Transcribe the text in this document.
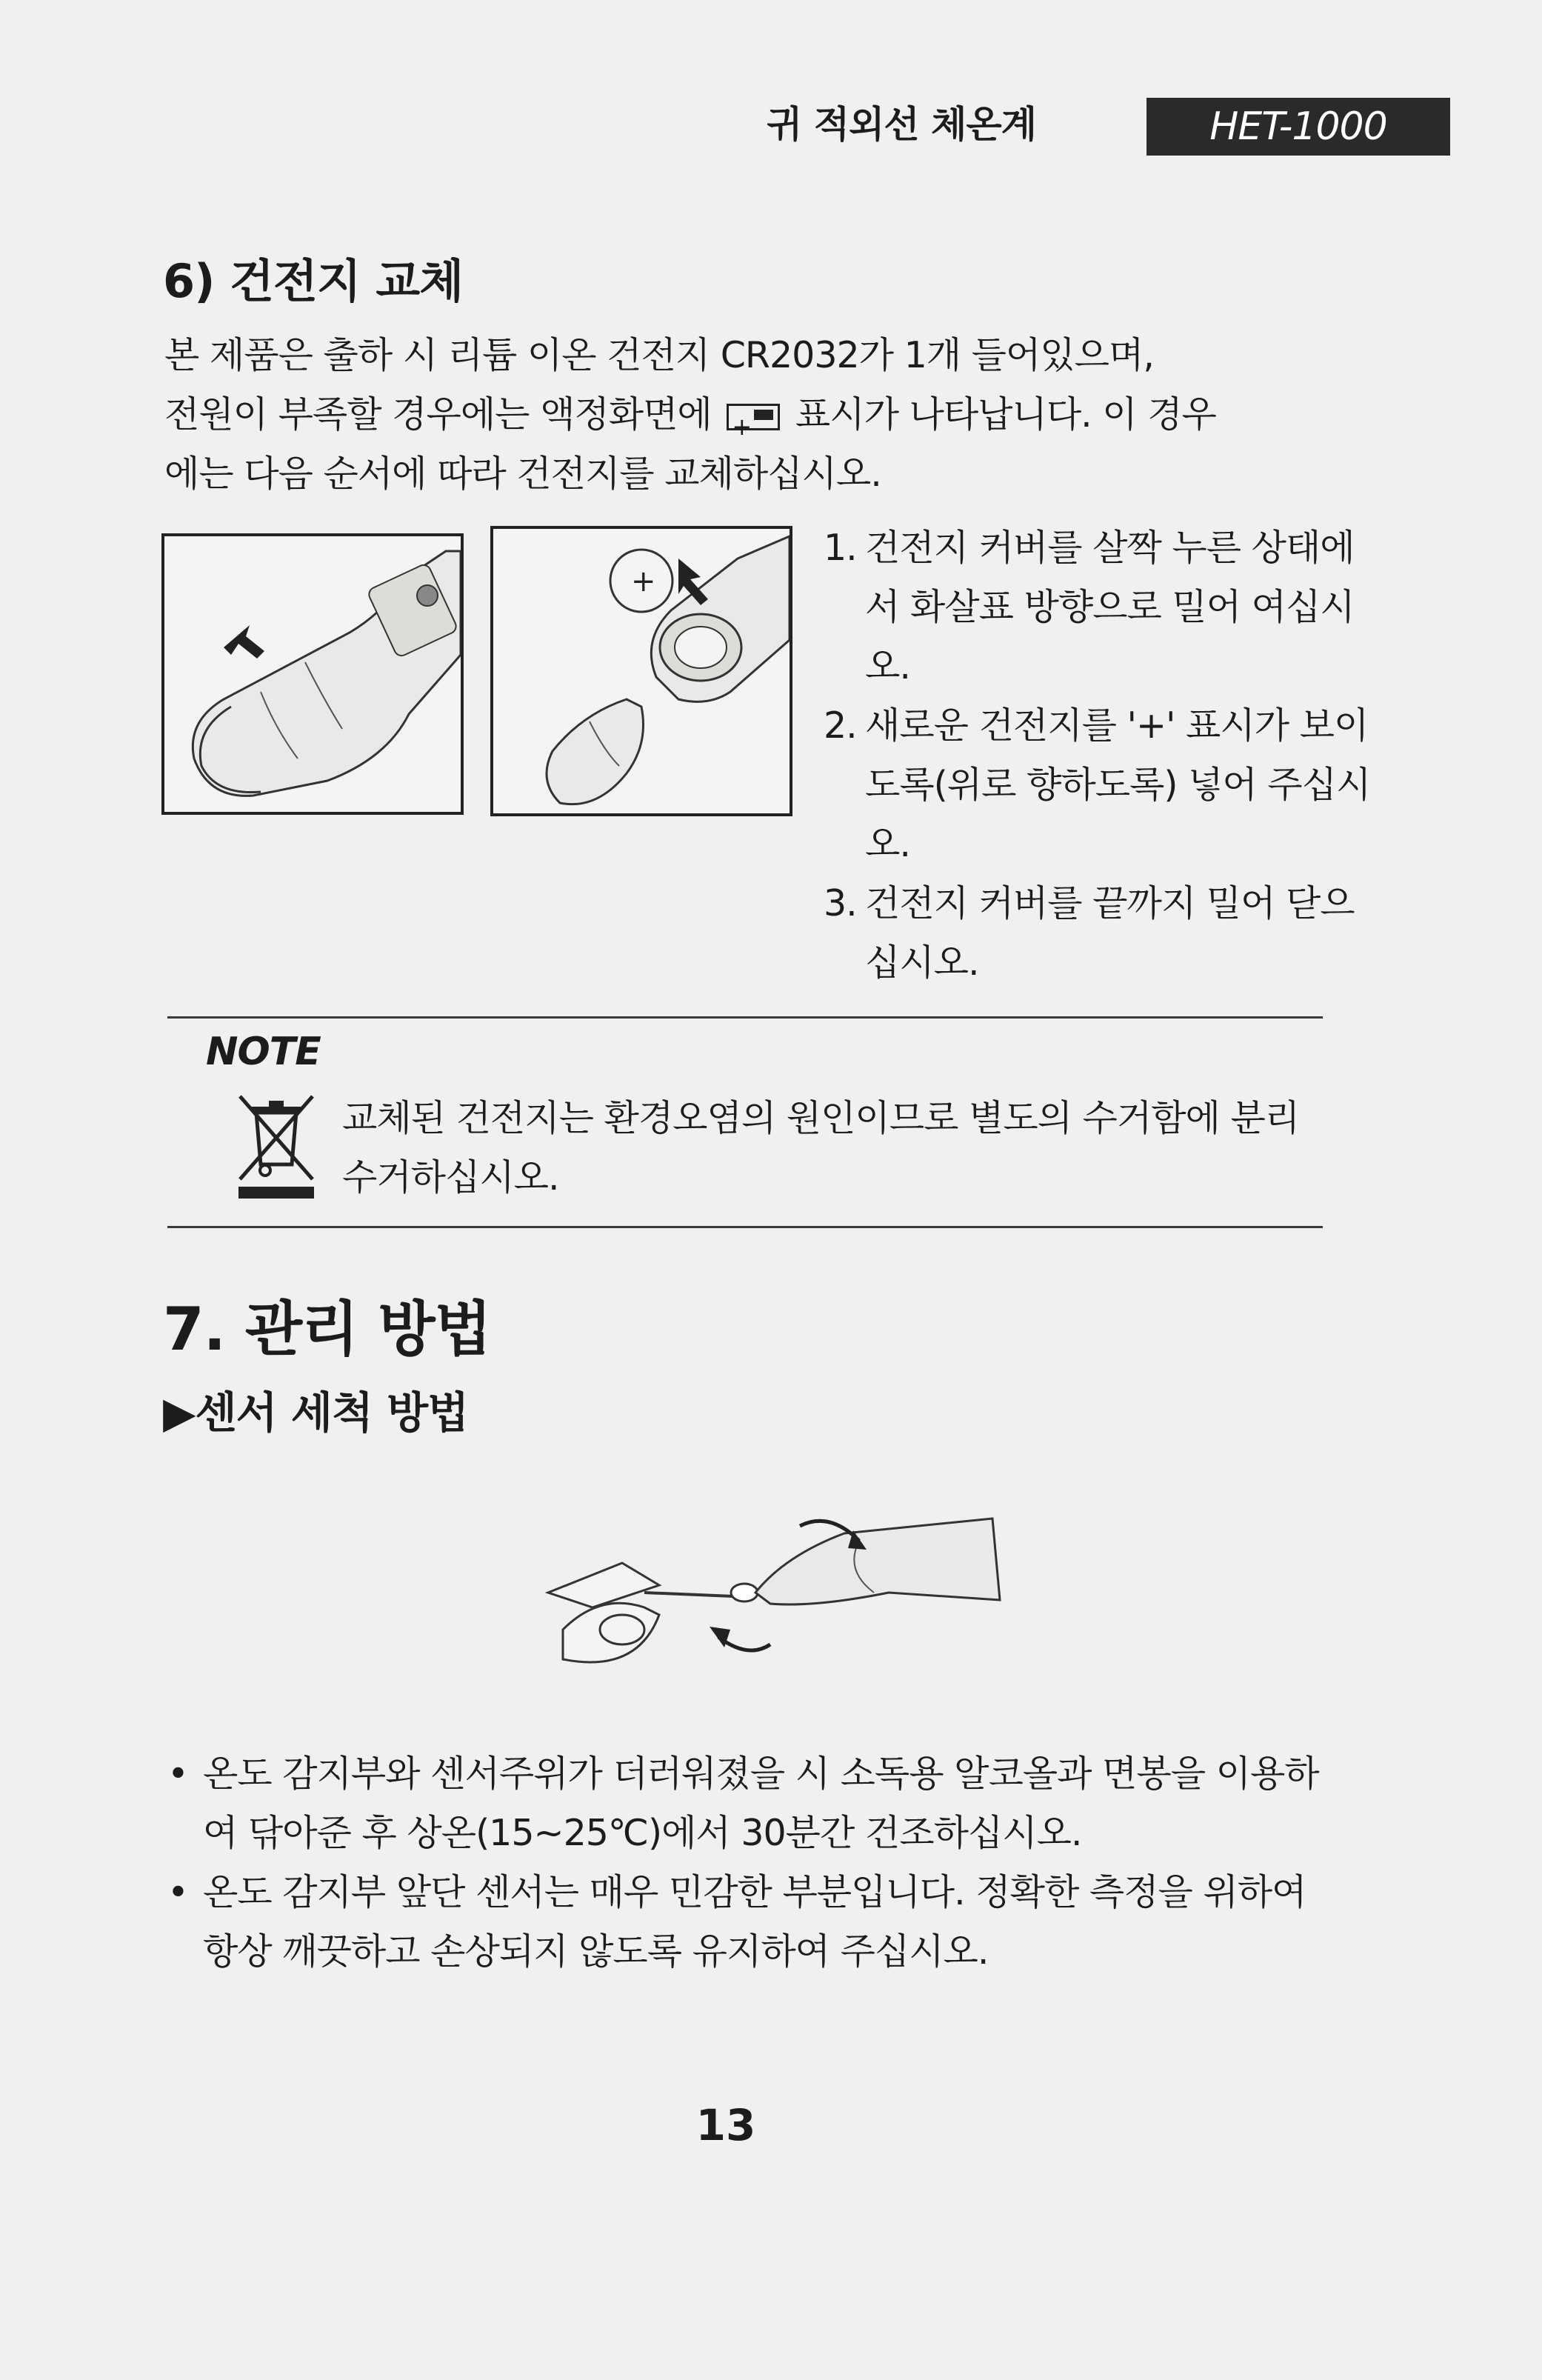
귀 적외선 체온계	HET-1000
6) 건전지 교체
본 제품은 출하 시 리튬 이온 건전지 CR2032가 1개 들어있으며,
전원이 부족할 경우에는 액정화면에 + 표시가 나타납니다. 이 경우
에는 다음 순서에 따라 건전지를 교체하십시오.
+
1. 건전지 커버를 살짝 누른 상태에서 화살표 방향으로 밀어 여십시오.
2. 새로운 건전지를 '+' 표시가 보이도록(위로 향하도록) 넣어 주십시오.
3. 건전지 커버를 끝까지 밀어 닫으십시오.
NOTE
교체된 건전지는 환경오염의 원인이므로 별도의 수거함에 분리 수거하십시오.
7. 관리 방법
▶센서 세척 방법
• 온도 감지부와 센서주위가 더러워졌을 시 소독용 알코올과 면봉을 이용하여 닦아준 후 상온(15~25℃)에서 30분간 건조하십시오.
• 온도 감지부 앞단 센서는 매우 민감한 부분입니다. 정확한 측정을 위하여 항상 깨끗하고 손상되지 않도록 유지하여 주십시오.
13
